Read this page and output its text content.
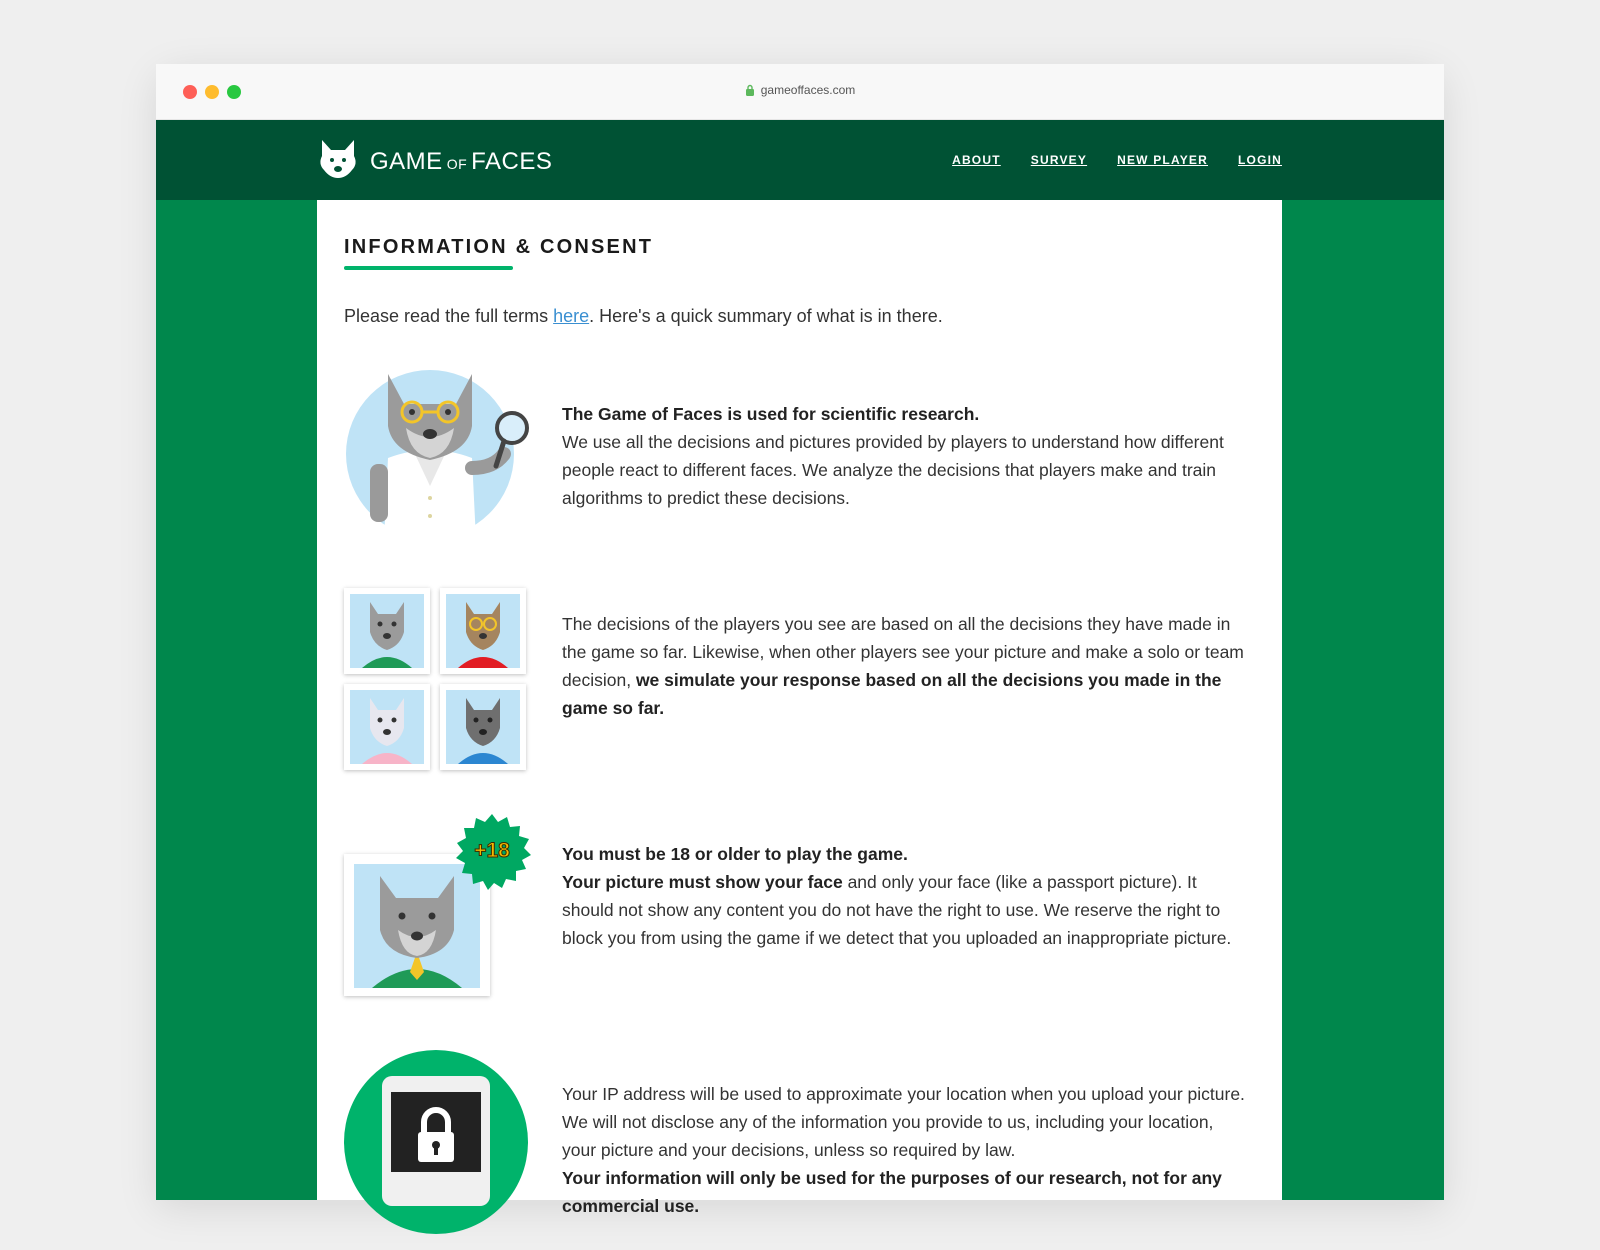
gameoffaces.com
GAME OF FACES	ABOUT	SURVEY	NEW PLAYER	LOGIN
INFORMATION & CONSENT

Please read the full terms here. Here's a quick summary of what is in there.

The Game of Faces is used for scientific research.

We use all the decisions and pictures provided by players to understand how different people react to different faces. We analyze the decisions that players make and train algorithms to predict these decisions.

The decisions of the players you see are based on all the decisions they have made in the game so far. Likewise, when other players see your picture and make a solo or team decision, we simulate your response based on all the decisions you made in the game so far.

+18	You must be 18 or older to play the game.

Your picture must show your face and only your face (like a passport picture). It should not show any content you do not have the right to use. We reserve the right to block you from using the game if we detect that you uploaded an inappropriate picture.

Your IP address will be used to approximate your location when you upload your picture. We will not disclose any of the information you provide to us, including your location, your picture and your decisions, unless so required by law.

Your information will only be used for the purposes of our research, not for any commercial use.
